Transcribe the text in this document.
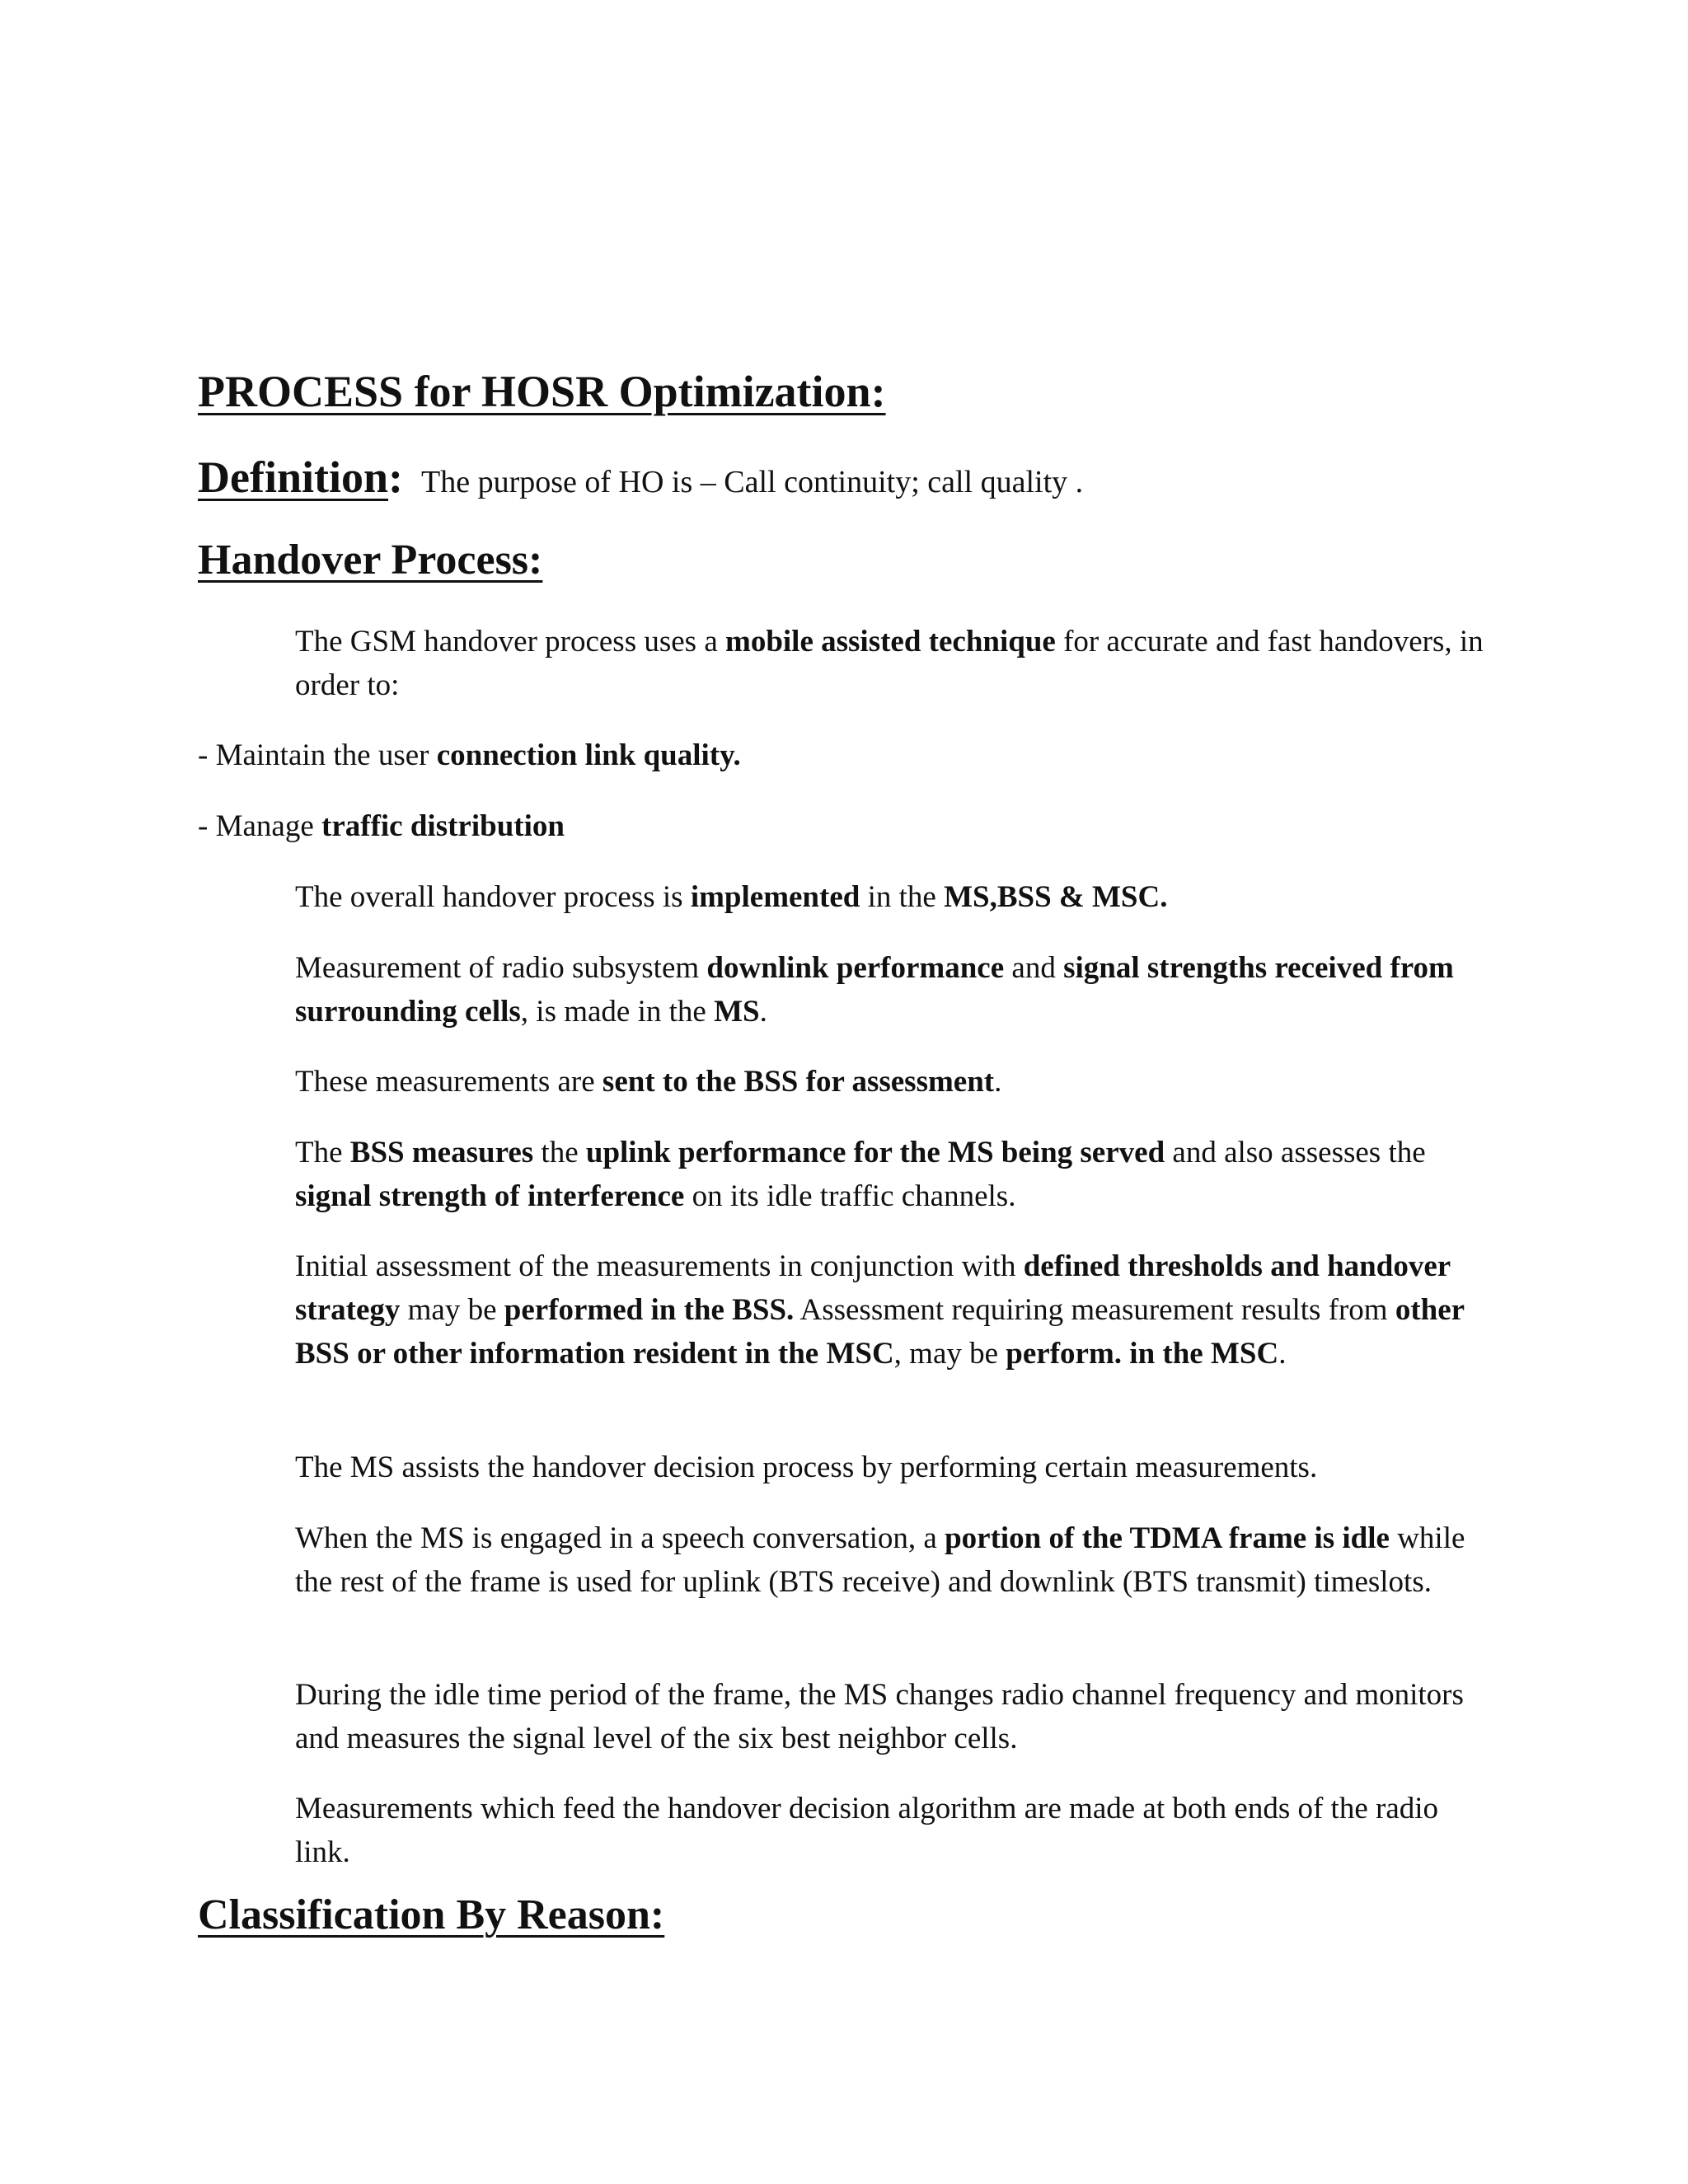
PROCESS for HOSR Optimization:
Definition: The purpose of HO is – Call continuity; call quality .
Handover Process:

The GSM handover process uses a mobile assisted technique for accurate and fast handovers, in order to:

- Maintain the user connection link quality.

- Manage traffic distribution

The overall handover process is implemented in the MS,BSS & MSC.

Measurement of radio subsystem downlink performance and signal strengths received from surrounding cells, is made in the MS.

These measurements are sent to the BSS for assessment.

The BSS measures the uplink performance for the MS being served and also assesses the signal strength of interference on its idle traffic channels.

Initial assessment of the measurements in conjunction with defined thresholds and handover strategy may be performed in the BSS. Assessment requiring measurement results from other BSS or other information resident in the MSC, may be perform. in the MSC.

The MS assists the handover decision process by performing certain measurements.

When the MS is engaged in a speech conversation, a portion of the TDMA frame is idle while the rest of the frame is used for uplink (BTS receive) and downlink (BTS transmit) timeslots.

During the idle time period of the frame, the MS changes radio channel frequency and monitors and measures the signal level of the six best neighbor cells.

Measurements which feed the handover decision algorithm are made at both ends of the radio link.

Classification By Reason:
